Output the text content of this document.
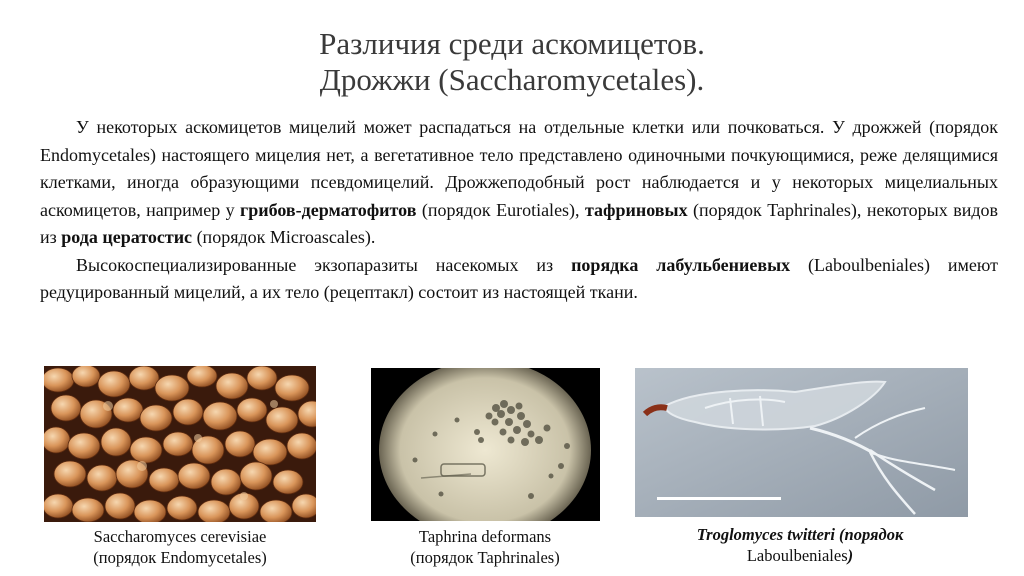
Различия среди аскомицетов.
Дрожжи (Saccharomycetales).

У некоторых аскомицетов мицелий может распадаться на отдельные клетки или почковаться. У дрожжей (порядок Endomycetales) настоящего мицелия нет, а вегетативное тело представлено одиночными почкующимися, реже делящимися клетками, иногда образующими псевдомицелий. Дрожжеподобный рост наблюдается и у некоторых мицелиальных аскомицетов, например у грибов-дерматофитов (порядок Eurotiales), тафриновых (порядок Taphrinales), некоторых видов из рода цератостис (порядок Microascales).

Высокоспециализированные экзопаразиты насекомых из порядка лабульбениевых (Laboulbeniales) имеют редуцированный мицелий, а их тело (рецептакл) состоит из настоящей ткани.

Saccharomyces cerevisiae
(порядок Endomycetales)
Taphrina deformans
(порядок Taphrinales)
Troglomyces twitteri (порядок
Laboulbeniales)
